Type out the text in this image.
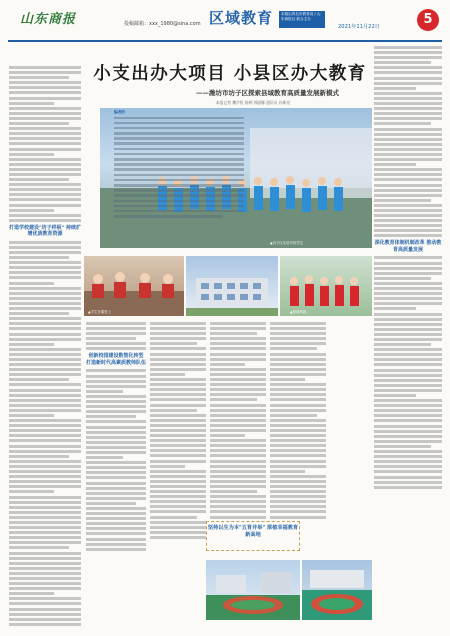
山东商报	投稿邮箱：xxx_1980@sina.com 区域教育	本版由青岛市教育局 / 山东商报社 联合主办
2021年11月22日	5
打造学校建设"坊子样板" 持续扩增优质教育资源
小支出办大项目 小县区办大教育
——潍坊市坊子区探索县域教育高质量发展新模式
本报记者 魏学恒 杨朔 郭丽娜 通讯员 孙新亮
编者按：
▲坊子区实验学校学生
▲学生在课堂上	▲校园风貌
创新校园建设数智化转型 打造新时代高素质教师队伍
深化教育体制机制改革 推动教育高质量发展
坚持以生为本"五育并举" 厚植幸福教育新高地
